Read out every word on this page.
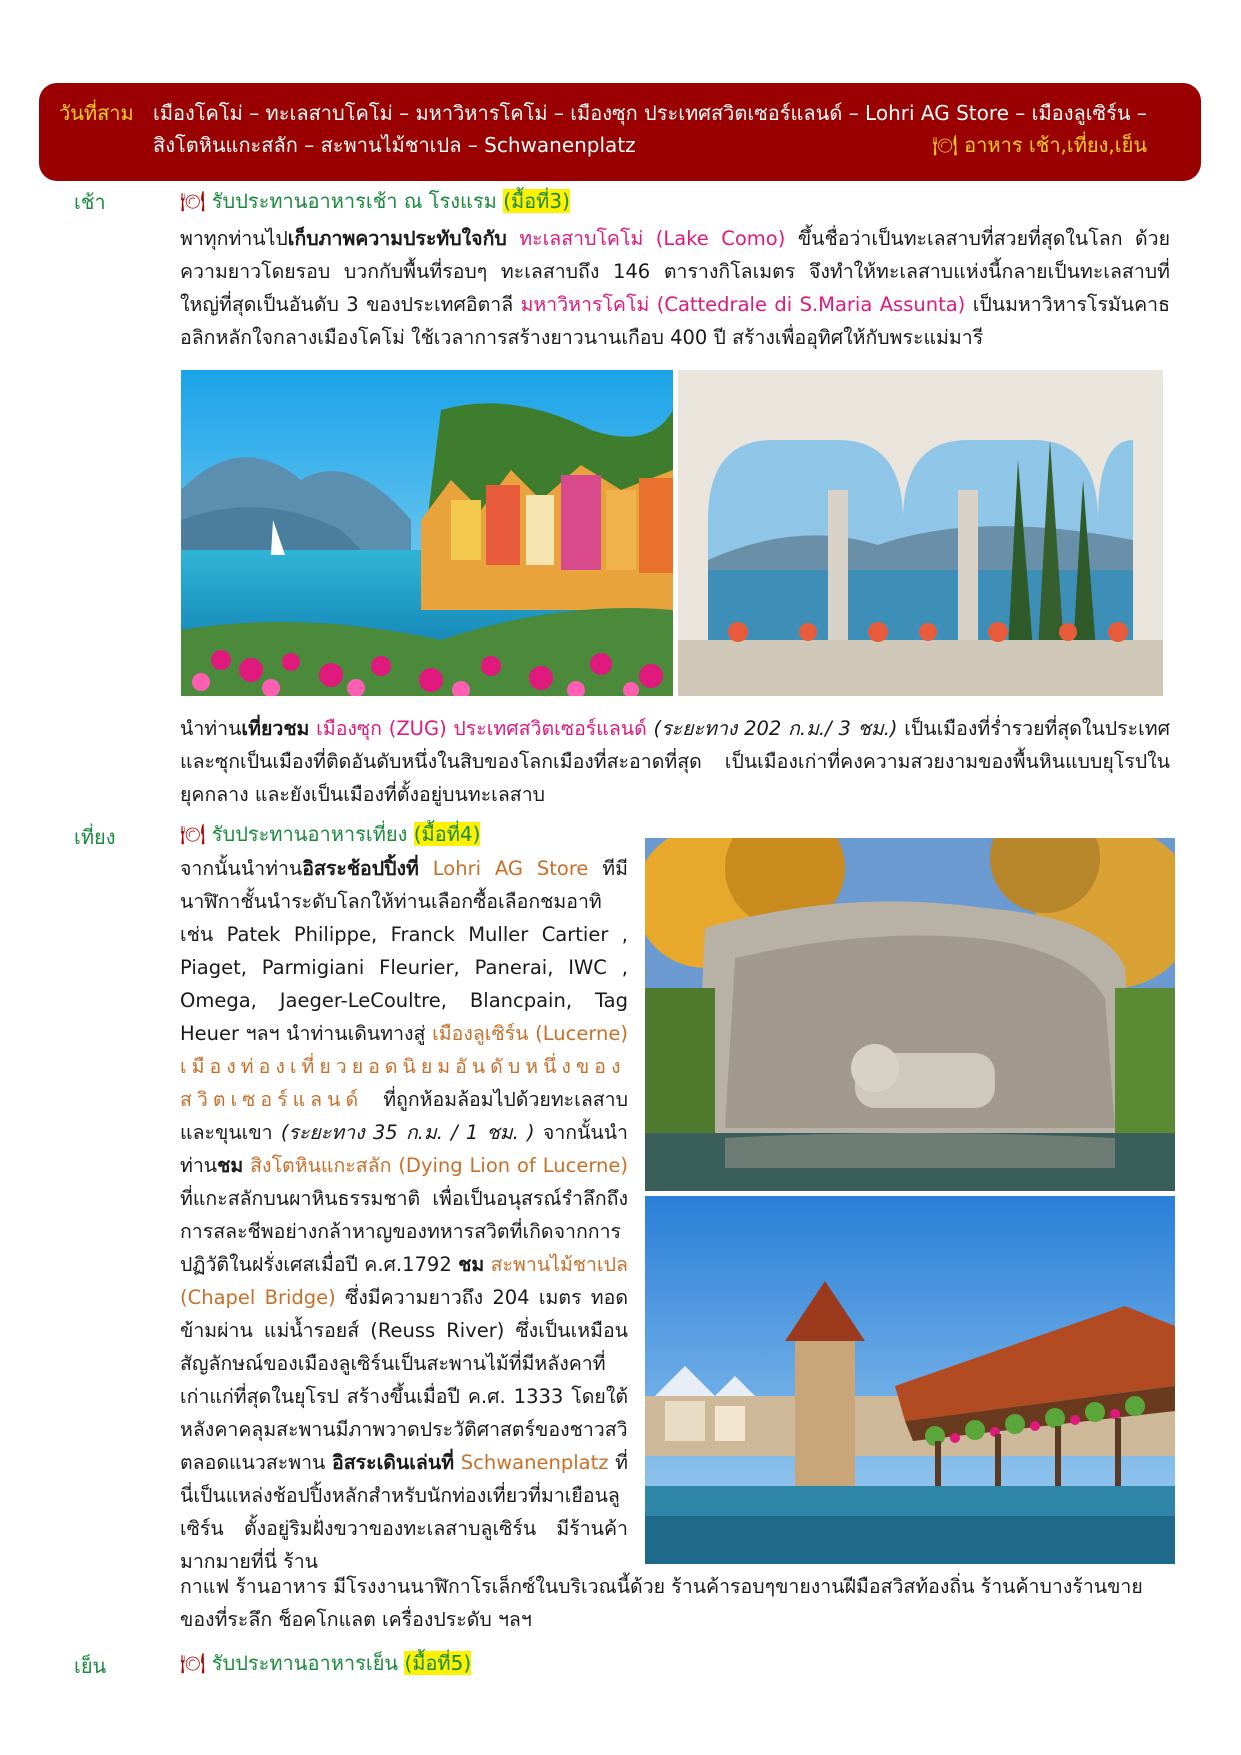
วันที่สาม เมืองโคโม่ – ทะเลสาบโคโม่ – มหาวิหารโคโม่ – เมืองซุก ประเทศสวิตเซอร์แลนด์ – Lohri AG Store – เมืองลูเซิร์น –
สิงโตหินแกะสลัก – สะพานไม้ชาเปล – Schwanenplatz	🍽 อาหาร เช้า,เที่ยง,เย็น
เช้า	🍽 รับประทานอาหารเช้า ณ โรงแรม (มื้อที่3)
พาทุกท่านไปเก็บภาพความประทับใจกับ ทะเลสาบโคโม่ (Lake Como) ขึ้นชื่อว่าเป็นทะเลสาบที่สวยที่สุดในโลก ด้วยความยาวโดยรอบ บวกกับพื้นที่รอบๆ ทะเลสาบถึง 146 ตารางกิโลเมตร จึงทำให้ทะเลสาบแห่งนี้กลายเป็นทะเลสาบที่ใหญ่ที่สุดเป็นอันดับ 3 ของประเทศอิตาลี มหาวิหารโคโม่ (Cattedrale di S.Maria Assunta) เป็นมหาวิหารโรมันคาธอลิกหลักใจกลางเมืองโคโม่ ใช้เวลาการสร้างยาวนานเกือบ 400 ปี สร้างเพื่ออุทิศให้กับพระแม่มารี
นำท่านเที่ยวชม เมืองซุก (ZUG) ประเทศสวิตเซอร์แลนด์ (ระยะทาง 202 ก.ม./ 3 ชม.) เป็นเมืองที่ร่ำรวยที่สุดในประเทศและซุกเป็นเมืองที่ติดอันดับหนึ่งในสิบของโลกเมืองที่สะอาดที่สุด เป็นเมืองเก่าที่คงความสวยงามของพื้นหินแบบยุโรปในยุคกลาง และยังเป็นเมืองที่ตั้งอยู่บนทะเลสาบ
เที่ยง	🍽 รับประทานอาหารเที่ยง (มื้อที่4)
จากนั้นนำท่านอิสระช้อปปิ้งที่ Lohri AG Store ทีมีนาฬิกาชั้นนำระดับโลกให้ท่านเลือกซื้อเลือกชมอาทิ เช่น Patek Philippe, Franck Muller Cartier , Piaget, Parmigiani Fleurier, Panerai, IWC , Omega, Jaeger-LeCoultre, Blancpain, Tag Heuer ฯลฯ นำท่านเดินทางสู่ เมืองลูเซิร์น (Lucerne) เมืองท่องเที่ยวยอดนิยมอันดับหนึ่งของสวิตเซอร์แลนด์ ที่ถูกห้อมล้อมไปด้วยทะเลสาบและขุนเขา (ระยะทาง 35 ก.ม. / 1 ชม. ) จากนั้นนำท่านชม สิงโตหินแกะสลัก (Dying Lion of Lucerne) ที่แกะสลักบนผาหินธรรมชาติ เพื่อเป็นอนุสรณ์รำลึกถึงการสละชีพอย่างกล้าหาญของทหารสวิตที่เกิดจากการปฏิวัติในฝรั่งเศสเมื่อปี ค.ศ.1792 ชม สะพานไม้ชาเปล (Chapel Bridge) ซึ่งมีความยาวถึง 204 เมตร ทอดข้ามผ่าน แม่น้ำรอยส์ (Reuss River) ซึ่งเป็นเหมือนสัญลักษณ์ของเมืองลูเซิร์นเป็นสะพานไม้ที่มีหลังคาที่เก่าแก่ที่สุดในยุโรป สร้างขึ้นเมื่อปี ค.ศ. 1333 โดยใต้หลังคาคลุมสะพานมีภาพวาดประวัติศาสตร์ของชาวสวิตลอดแนวสะพาน อิสระเดินเล่นที่ Schwanenplatz ที่นี่เป็นแหล่งช้อปปิ้งหลักสำหรับนักท่องเที่ยวที่มาเยือนลูเซิร์น ตั้งอยู่ริมฝั่งขวาของทะเลสาบลูเซิร์น มีร้านค้ามากมายที่นี่ ร้าน
กาแฟ ร้านอาหาร มีโรงงานนาฬิกาโรเล็กซ์ในบริเวณนี้ด้วย ร้านค้ารอบๆขายงานฝีมือสวิสท้องถิ่น ร้านค้าบางร้านขายของที่ระลึก ช็อคโกแลต เครื่องประดับ ฯลฯ
เย็น	🍽 รับประทานอาหารเย็น (มื้อที่5)
